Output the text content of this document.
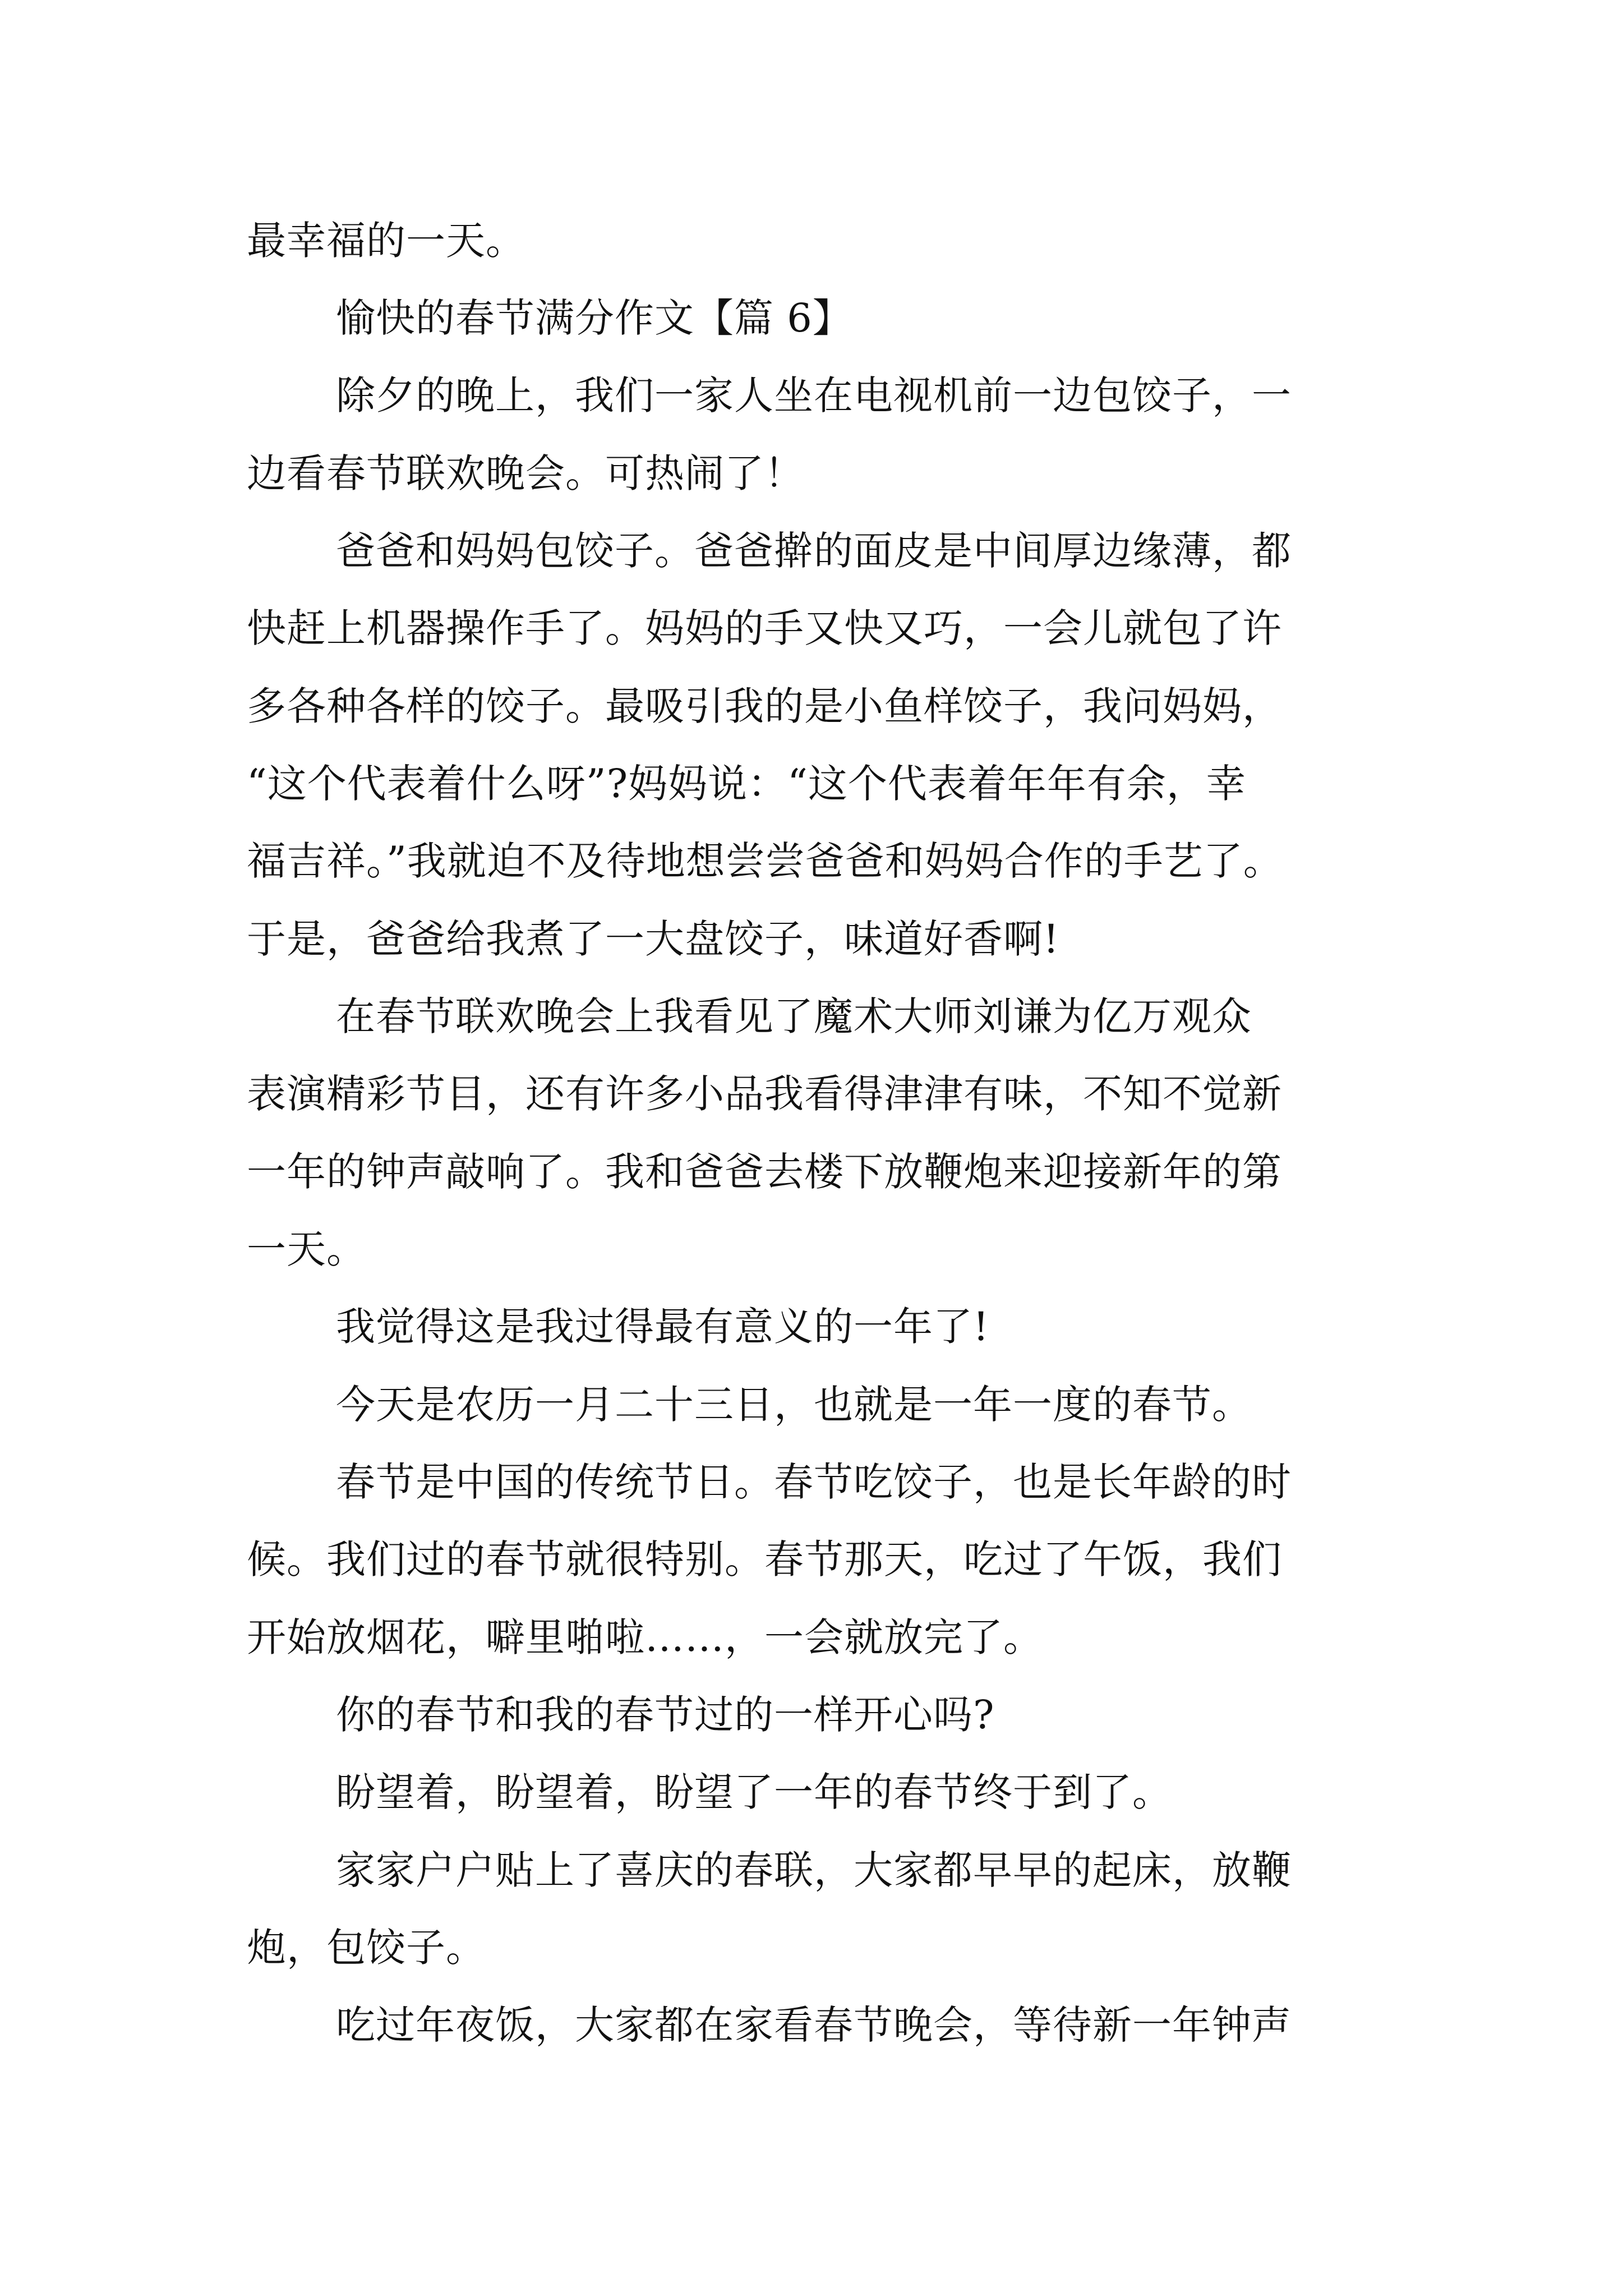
最幸福的一天。
愉快的春节满分作文【篇 6】
除夕的晚上，我们一家人坐在电视机前一边包饺子，一
边看春节联欢晚会。可热闹了！
爸爸和妈妈包饺子。爸爸擀的面皮是中间厚边缘薄，都
快赶上机器操作手了。妈妈的手又快又巧，一会儿就包了许
多各种各样的饺子。最吸引我的是小鱼样饺子，我问妈妈，
“这个代表着什么呀”?妈妈说：“这个代表着年年有余，幸
福吉祥。”我就迫不及待地想尝尝爸爸和妈妈合作的手艺了。
于是，爸爸给我煮了一大盘饺子，味道好香啊!
在春节联欢晚会上我看见了魔术大师刘谦为亿万观众
表演精彩节目，还有许多小品我看得津津有味，不知不觉新
一年的钟声敲响了。我和爸爸去楼下放鞭炮来迎接新年的第
一天。
我觉得这是我过得最有意义的一年了!
今天是农历一月二十三日，也就是一年一度的春节。
春节是中国的传统节日。春节吃饺子，也是长年龄的时
候。我们过的春节就很特别。春节那天，吃过了午饭，我们
开始放烟花，噼里啪啦……，一会就放完了。
你的春节和我的春节过的一样开心吗?
盼望着，盼望着，盼望了一年的春节终于到了。
家家户户贴上了喜庆的春联，大家都早早的起床，放鞭
炮，包饺子。
吃过年夜饭，大家都在家看春节晚会，等待新一年钟声
